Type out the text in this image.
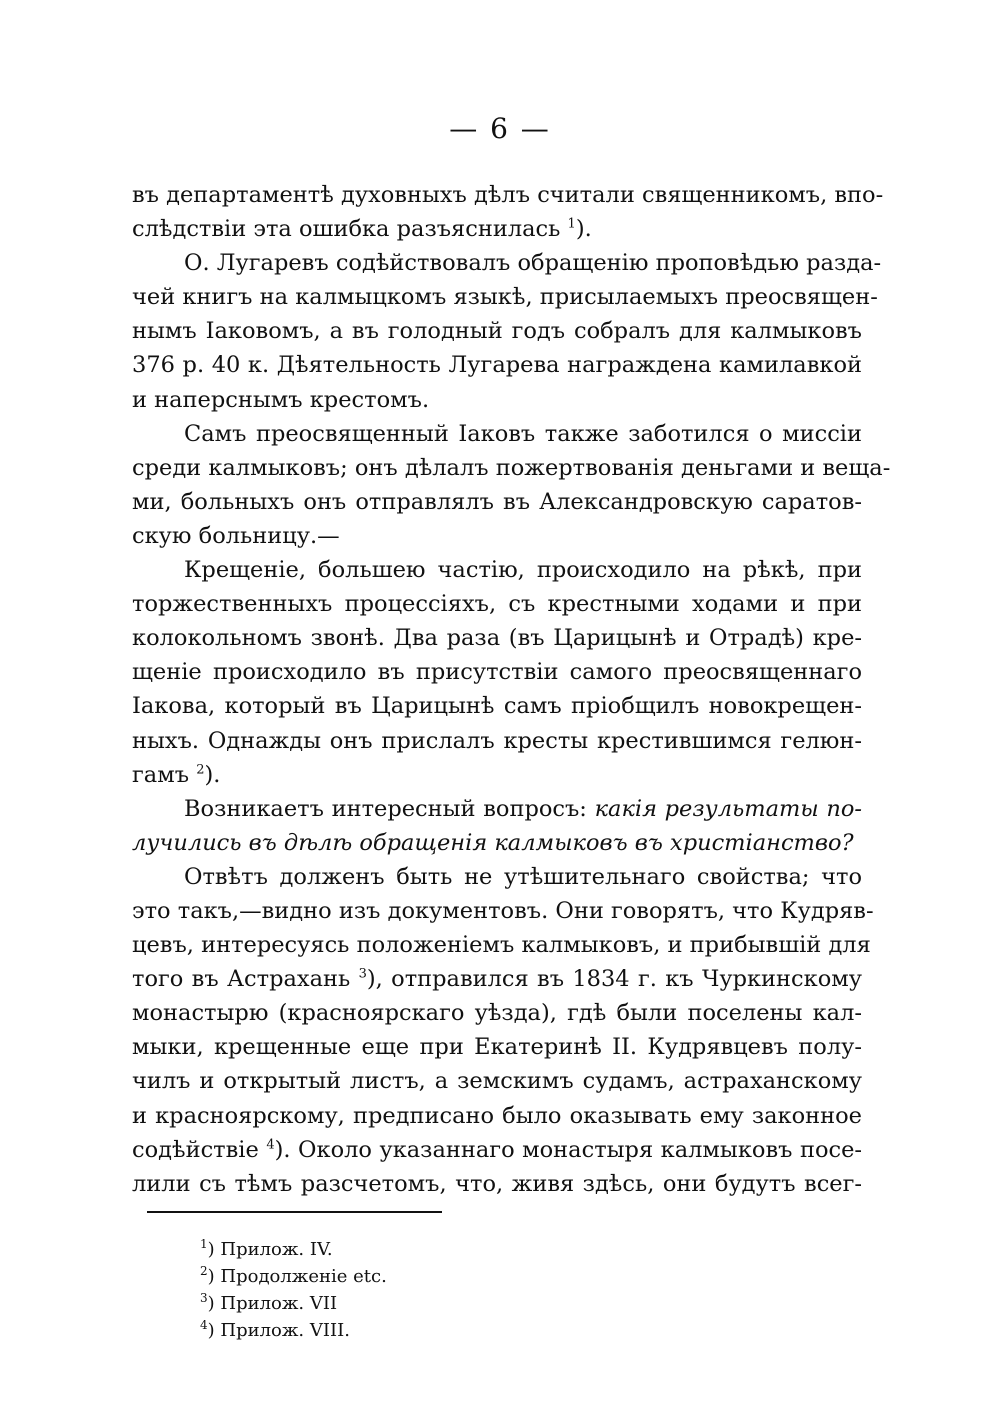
— 6 —
въ департаментѣ духовныхъ дѣлъ считали священникомъ, впо-
слѣдствіи эта ошибка разъяснилась $^1$).
О. Лугаревъ содѣйствовалъ обращенію проповѣдью разда-
чей книгъ на калмыцкомъ языкѣ, присылаемыхъ преосвящен-
нымъ Іаковомъ, а въ голодный годъ собралъ для калмыковъ
376 р. 40 к. Дѣятельность Лугарева награждена камилавкой
и наперснымъ крестомъ.
Самъ преосвященный Іаковъ также заботился о миссіи
среди калмыковъ; онъ дѣлалъ пожертвованія деньгами и веща-
ми, больныхъ онъ отправлялъ въ Александровскую саратов-
скую больницу.—
Крещеніе, большею частію, происходило на рѣкѣ, при
торжественныхъ процессіяхъ, съ крестными ходами и при
колокольномъ звонѣ. Два раза (въ Царицынѣ и Отрадѣ) кре-
щеніе происходило въ присутствіи самого преосвященнаго
Іакова, который въ Царицынѣ самъ пріобщилъ новокрещен-
ныхъ. Однажды онъ прислалъ кресты крестившимся гелюн-
гамъ $^2$).
Возникаетъ интересный вопросъ: какія результаты по-
лучились въ дѣлѣ обращенія калмыковъ въ христіанство?
Отвѣтъ долженъ быть не утѣшительнаго свойства; что
это такъ,—видно изъ документовъ. Они говорятъ, что Кудряв-
цевъ, интересуясь положеніемъ калмыковъ, и прибывшій для
того въ Астрахань $^3$), отправился въ 1834 г. къ Чуркинскому
монастырю (красноярскаго уѣзда), гдѣ были поселены кал-
мыки, крещенные еще при Екатеринѣ II. Кудрявцевъ полу-
чилъ и открытый листъ, а земскимъ судамъ, астраханскому
и красноярскому, предписано было оказывать ему законное
содѣйствіе $^4$). Около указаннаго монастыря калмыковъ посе-
лили съ тѣмъ разсчетомъ, что, живя здѣсь, они будутъ всег-
$^1$) Прилож. IV.
$^2$) Продолженіе etc.
$^3$) Прилож. VII
$^4$) Прилож. VIII.
